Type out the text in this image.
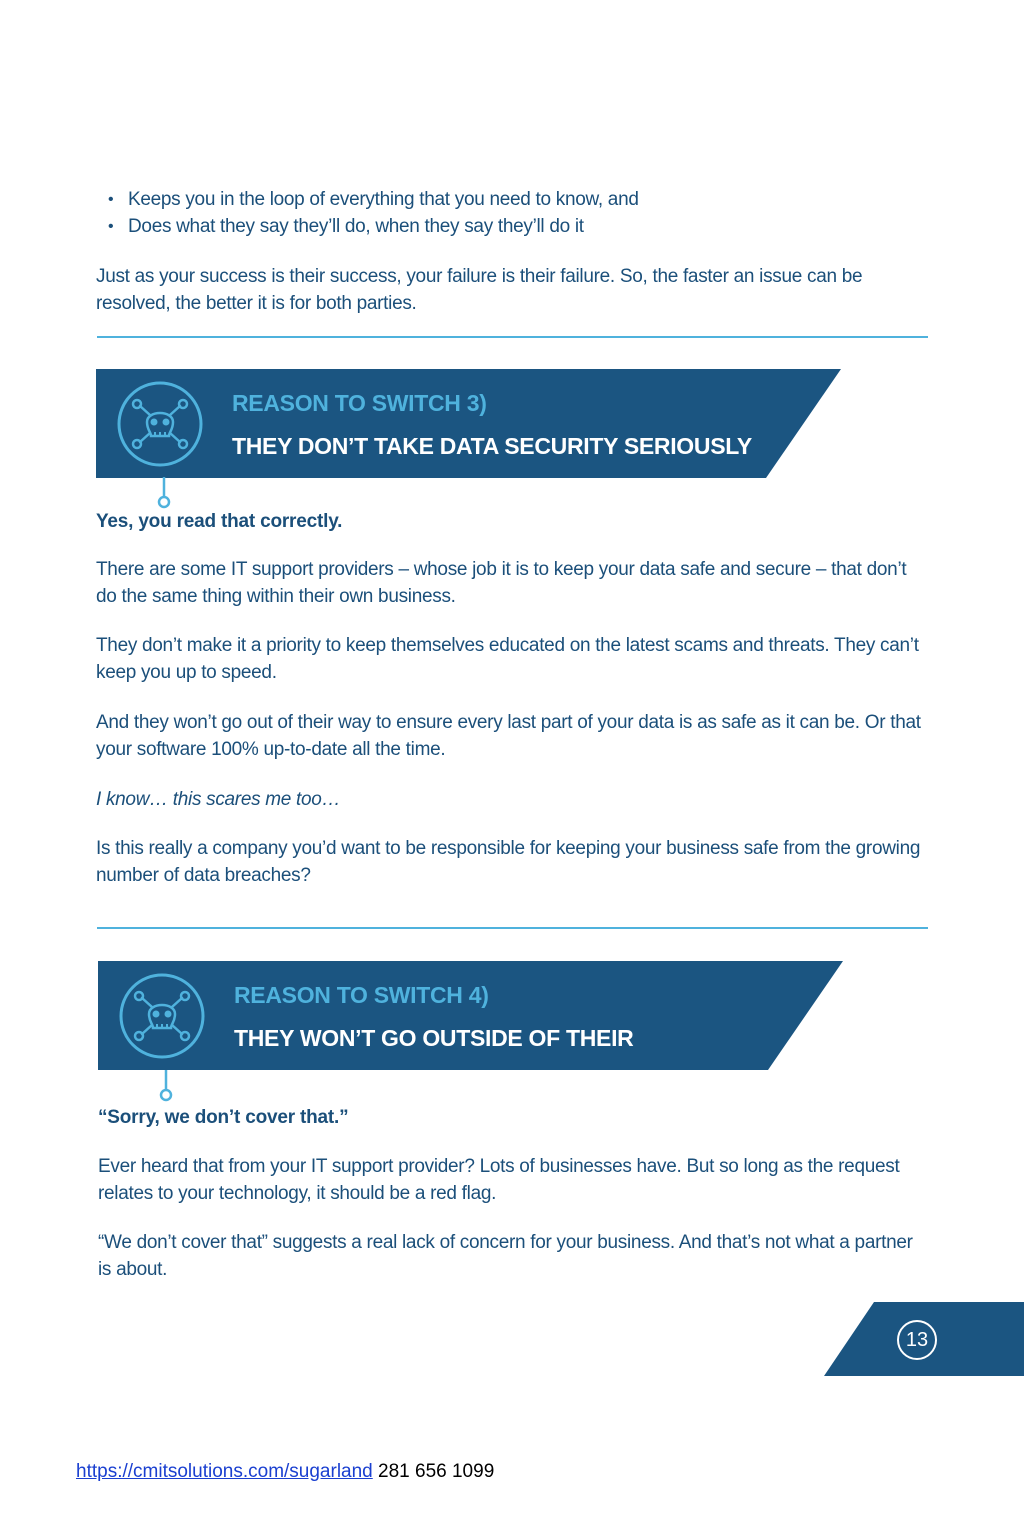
• Keeps you in the loop of everything that you need to know, and
• Does what they say they’ll do, when they say they’ll do it

Just as your success is their success, your failure is their failure. So, the faster an issue can be resolved, the better it is for both parties.

REASON TO SWITCH 3)
THEY DON’T TAKE DATA SECURITY SERIOUSLY

Yes, you read that correctly.

There are some IT support providers – whose job it is to keep your data safe and secure – that don’t do the same thing within their own business.

They don’t make it a priority to keep themselves educated on the latest scams and threats. They can’t keep you up to speed.

And they won’t go out of their way to ensure every last part of your data is as safe as it can be. Or that your software 100% up-to-date all the time.

I know… this scares me too…

Is this really a company you’d want to be responsible for keeping your business safe from the growing number of data breaches?

REASON TO SWITCH 4)
THEY WON’T GO OUTSIDE OF THEIR

“Sorry, we don’t cover that.”

Ever heard that from your IT support provider? Lots of businesses have. But so long as the request relates to your technology, it should be a red flag.

“We don’t cover that” suggests a real lack of concern for your business. And that’s not what a partner is about.

13
https://cmitsolutions.com/sugarland 281 656 1099
